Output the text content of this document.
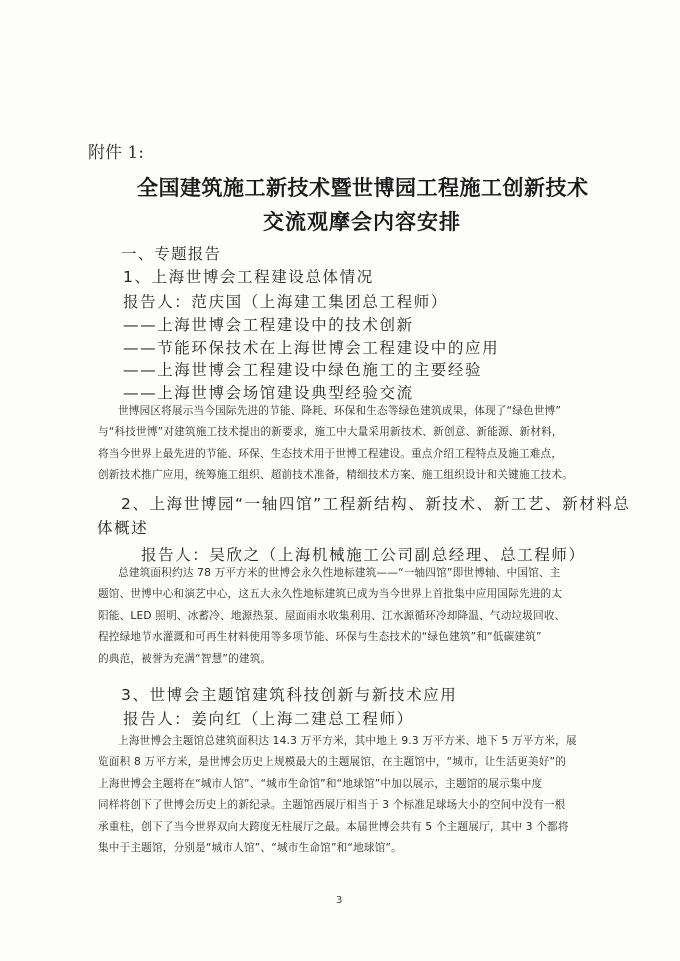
附件 1:
全国建筑施工新技术暨世博园工程施工创新技术
交流观摩会内容安排
一、专题报告
1、上海世博会工程建设总体情况
报告人：范庆国（上海建工集团总工程师）
——上海世博会工程建设中的技术创新
——节能环保技术在上海世博会工程建设中的应用
——上海世博会工程建设中绿色施工的主要经验
——上海世博会场馆建设典型经验交流
世博园区将展示当今国际先进的节能、降耗、环保和生态等绿色建筑成果，体现了“绿色世博”
与“科技世博”对建筑施工技术提出的新要求，施工中大量采用新技术、新创意、新能源、新材料，
将当今世界上最先进的节能、环保、生态技术用于世博工程建设。重点介绍工程特点及施工难点，
创新技术推广应用，统筹施工组织、超前技术准备，精细技术方案、施工组织设计和关键施工技术。
2、上海世博园“一轴四馆”工程新结构、新技术、新工艺、新材料总
体概述
报告人：吴欣之（上海机械施工公司副总经理、总工程师）
总建筑面积约达 78 万平方米的世博会永久性地标建筑——“一轴四馆”即世博轴、中国馆、主
题馆、世博中心和演艺中心，这五大永久性地标建筑已成为当今世界上首批集中应用国际先进的太
阳能、LED 照明、冰蓄冷、地源热泵、屋面雨水收集利用、江水源循环冷却降温、气动垃圾回收、
程控绿地节水灌溉和可再生材料使用等多项节能、环保与生态技术的“绿色建筑”和“低碳建筑”
的典范，被誉为充满“智慧”的建筑。
3、世博会主题馆建筑科技创新与新技术应用
报告人：姜向红（上海二建总工程师）
上海世博会主题馆总建筑面积达 14.3 万平方米，其中地上 9.3 万平方米、地下 5 万平方米，展
览面积 8 万平方米，是世博会历史上规模最大的主题展馆，在主题馆中，“城市，让生活更美好”的
上海世博会主题将在“城市人馆”、“城市生命馆”和“地球馆”中加以展示，主题馆的展示集中度
同样将创下了世博会历史上的新纪录。主题馆西展厅相当于 3 个标准足球场大小的空间中没有一根
承重柱，创下了当今世界双向大跨度无柱展厅之最。本届世博会共有 5 个主题展厅，其中 3 个都将
集中于主题馆，分别是“城市人馆”、“城市生命馆”和“地球馆”。
3
